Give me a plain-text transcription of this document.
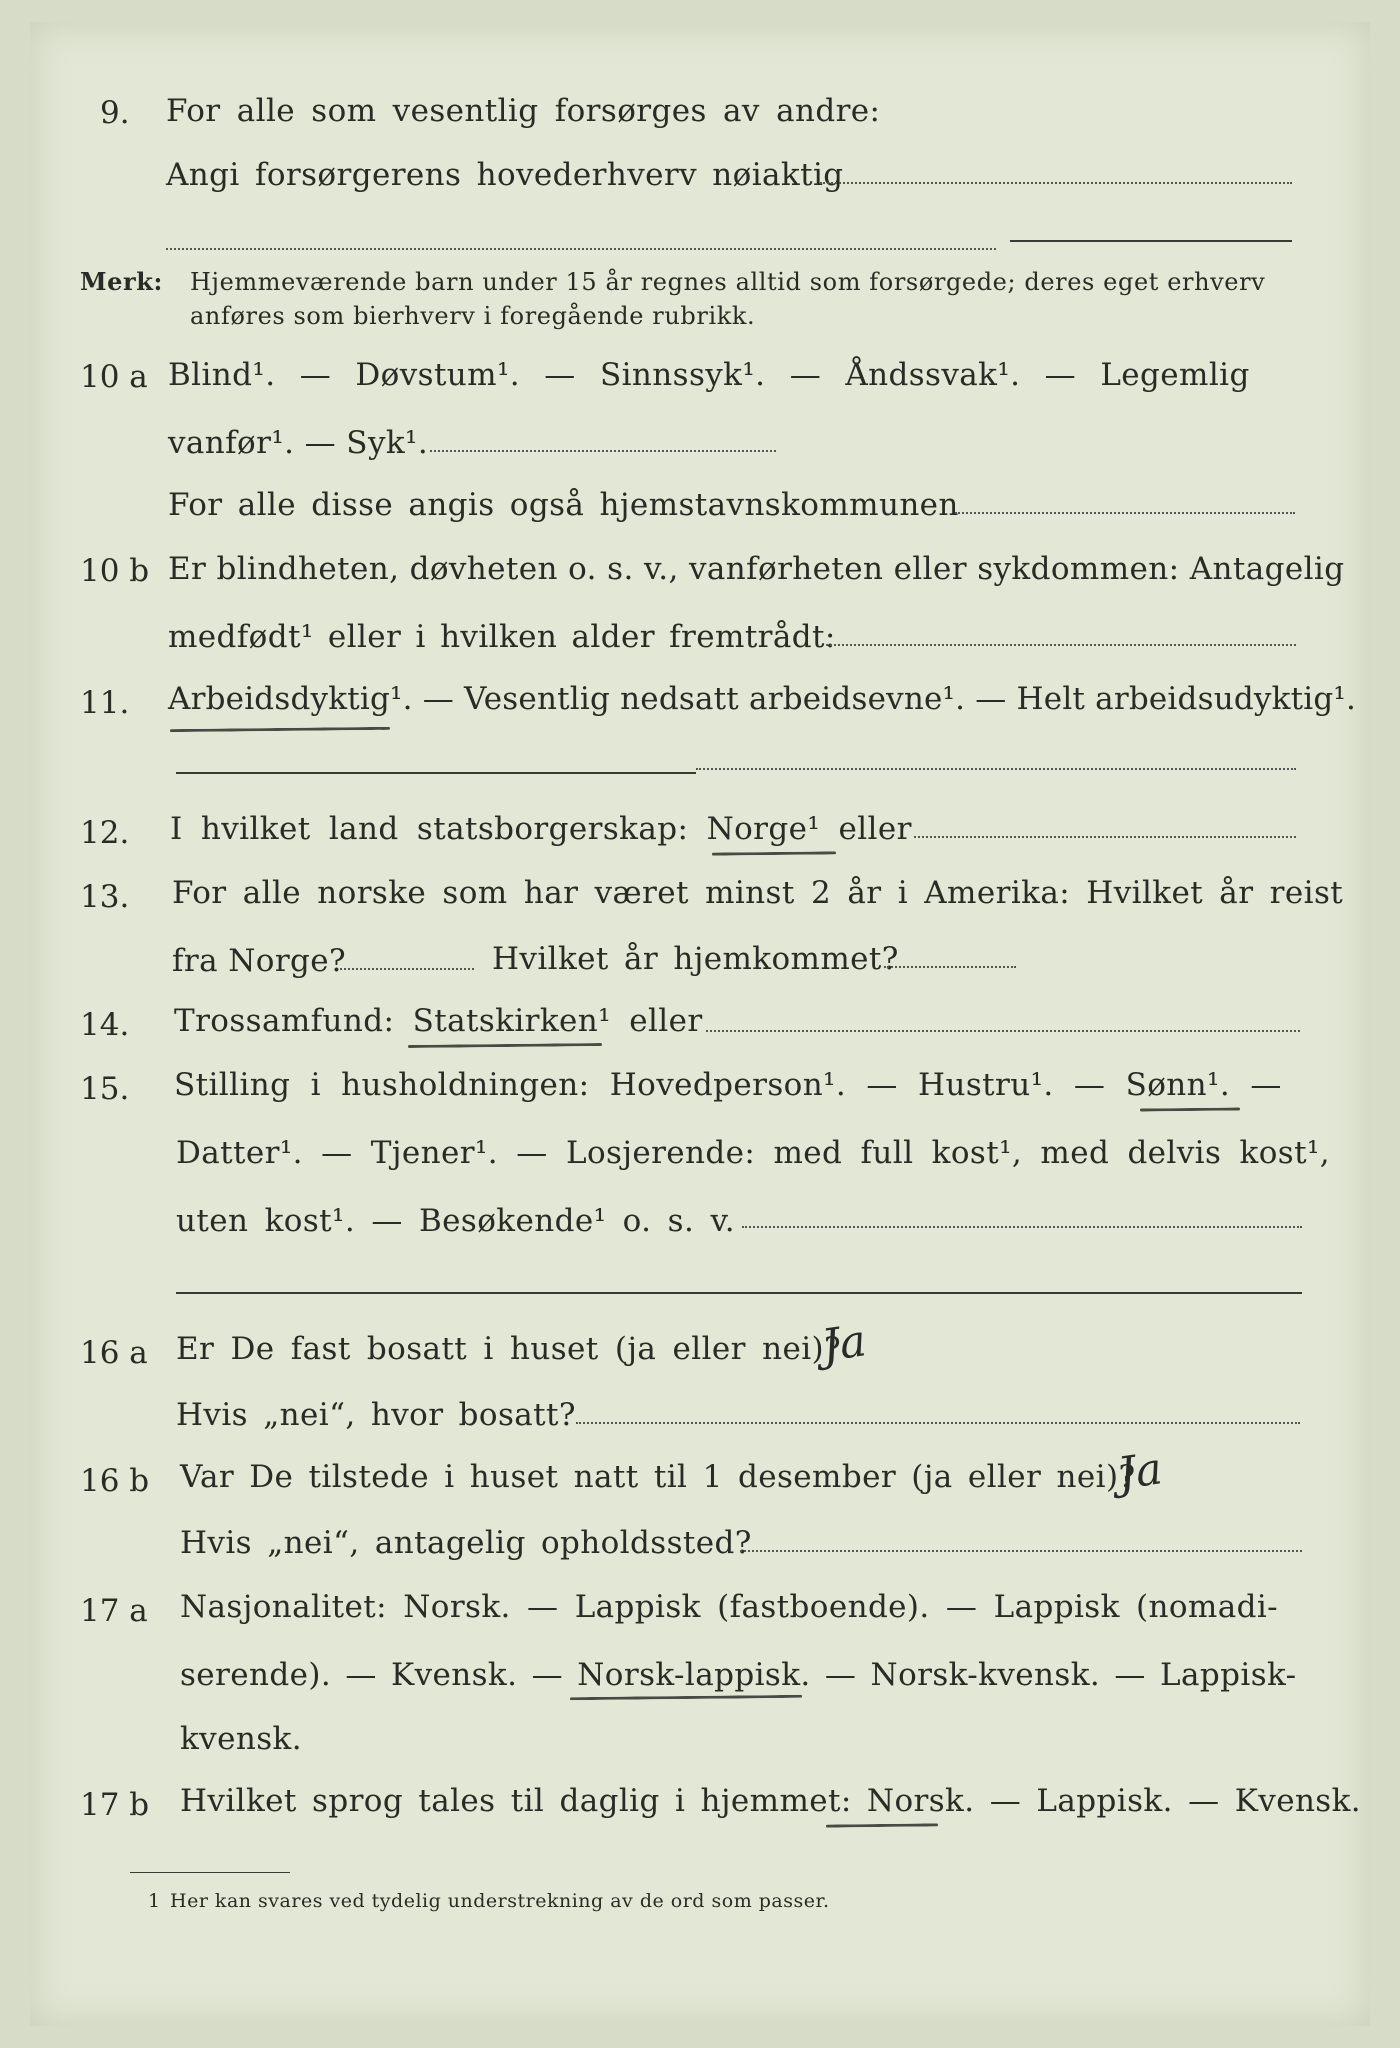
9. For alle som vesentlig forsørges av andre:
Angi forsørgerens hovederhverv nøiaktig
Merk: Hjemmeværende barn under 15 år regnes alltid som forsørgede; deres eget erhverv
anføres som bierhverv i foregående rubrikk.
10 a Blind¹. — Døvstum¹. — Sinnssyk¹. — Åndssvak¹. — Legemlig
vanfør¹. — Syk¹.
For alle disse angis også hjemstavnskommunen
10 b Er blindheten, døvheten o. s. v., vanførheten eller sykdommen: Antagelig
medfødt¹ eller i hvilken alder fremtrådt:
11. Arbeidsdyktig¹. — Vesentlig nedsatt arbeidsevne¹. — Helt arbeidsudyktig¹.
12. I hvilket land statsborgerskap: Norge¹ eller
13. For alle norske som har været minst 2 år i Amerika: Hvilket år reist
fra Norge?	Hvilket år hjemkommet?
14. Trossamfund: Statskirken¹ eller
15. Stilling i husholdningen: Hovedperson¹. — Hustru¹. — Sønn¹. —
Datter¹. — Tjener¹. — Losjerende: med full kost¹, med delvis kost¹,
uten kost¹. — Besøkende¹ o. s. v.
16 a Er De fast bosatt i huset (ja eller nei)?
Ja
Hvis „nei“, hvor bosatt?
16 b Var De tilstede i huset natt til 1 desember (ja eller nei)?
Ja
Hvis „nei“, antagelig opholdssted?
17 a Nasjonalitet: Norsk. — Lappisk (fastboende). — Lappisk (nomadi-
serende). — Kvensk. — Norsk-lappisk. — Norsk-kvensk. — Lappisk-
kvensk.
17 b Hvilket sprog tales til daglig i hjemmet: Norsk. — Lappisk. — Kvensk.
1 Her kan svares ved tydelig understrekning av de ord som passer.
